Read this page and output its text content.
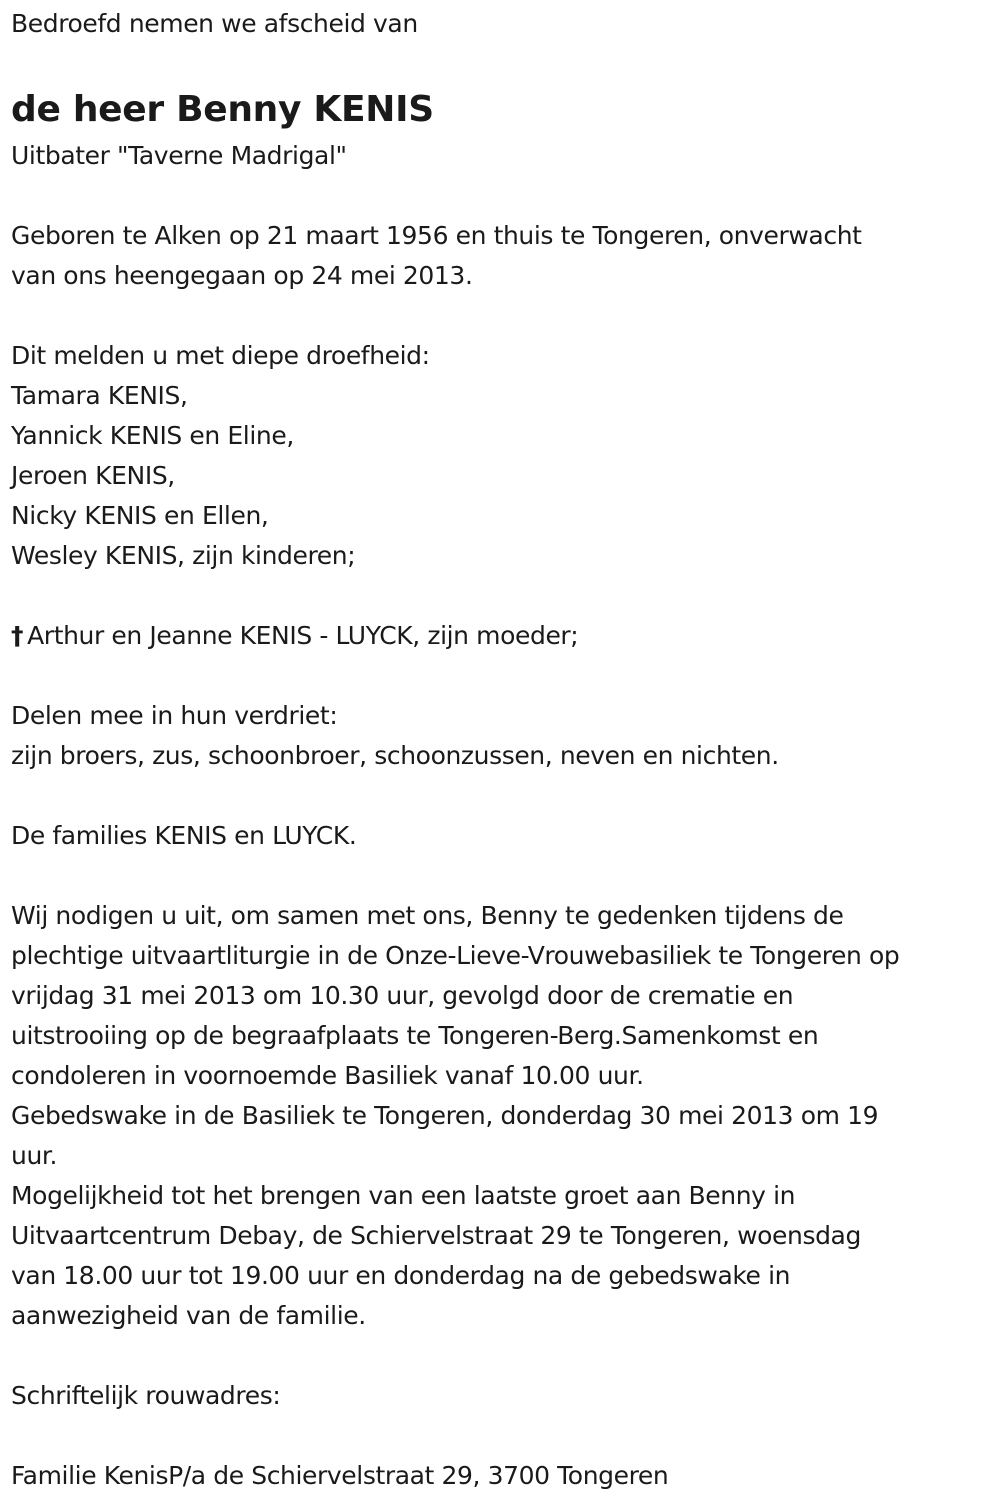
Bedroefd nemen we afscheid van
de heer Benny KENIS
Uitbater "Taverne Madrigal"
Geboren te Alken op 21 maart 1956 en thuis te Tongeren, onverwacht
van ons heengegaan op 24 mei 2013.
Dit melden u met diepe droefheid:
Tamara KENIS,
Yannick KENIS en Eline,
Jeroen KENIS,
Nicky KENIS en Ellen,
Wesley KENIS, zijn kinderen;
† Arthur en Jeanne KENIS - LUYCK, zijn moeder;
Delen mee in hun verdriet:
zijn broers, zus, schoonbroer, schoonzussen, neven en nichten.
De families KENIS en LUYCK.
Wij nodigen u uit, om samen met ons, Benny te gedenken tijdens de
plechtige uitvaartliturgie in de Onze-Lieve-Vrouwebasiliek te Tongeren op
vrijdag 31 mei 2013 om 10.30 uur, gevolgd door de crematie en
uitstrooiing op de begraafplaats te Tongeren-Berg.Samenkomst en
condoleren in voornoemde Basiliek vanaf 10.00 uur.
Gebedswake in de Basiliek te Tongeren, donderdag 30 mei 2013 om 19
uur.
Mogelijkheid tot het brengen van een laatste groet aan Benny in
Uitvaartcentrum Debay, de Schiervelstraat 29 te Tongeren, woensdag
van 18.00 uur tot 19.00 uur en donderdag na de gebedswake in
aanwezigheid van de familie.
Schriftelijk rouwadres:
Familie KenisP/a de Schiervelstraat 29, 3700 Tongeren
